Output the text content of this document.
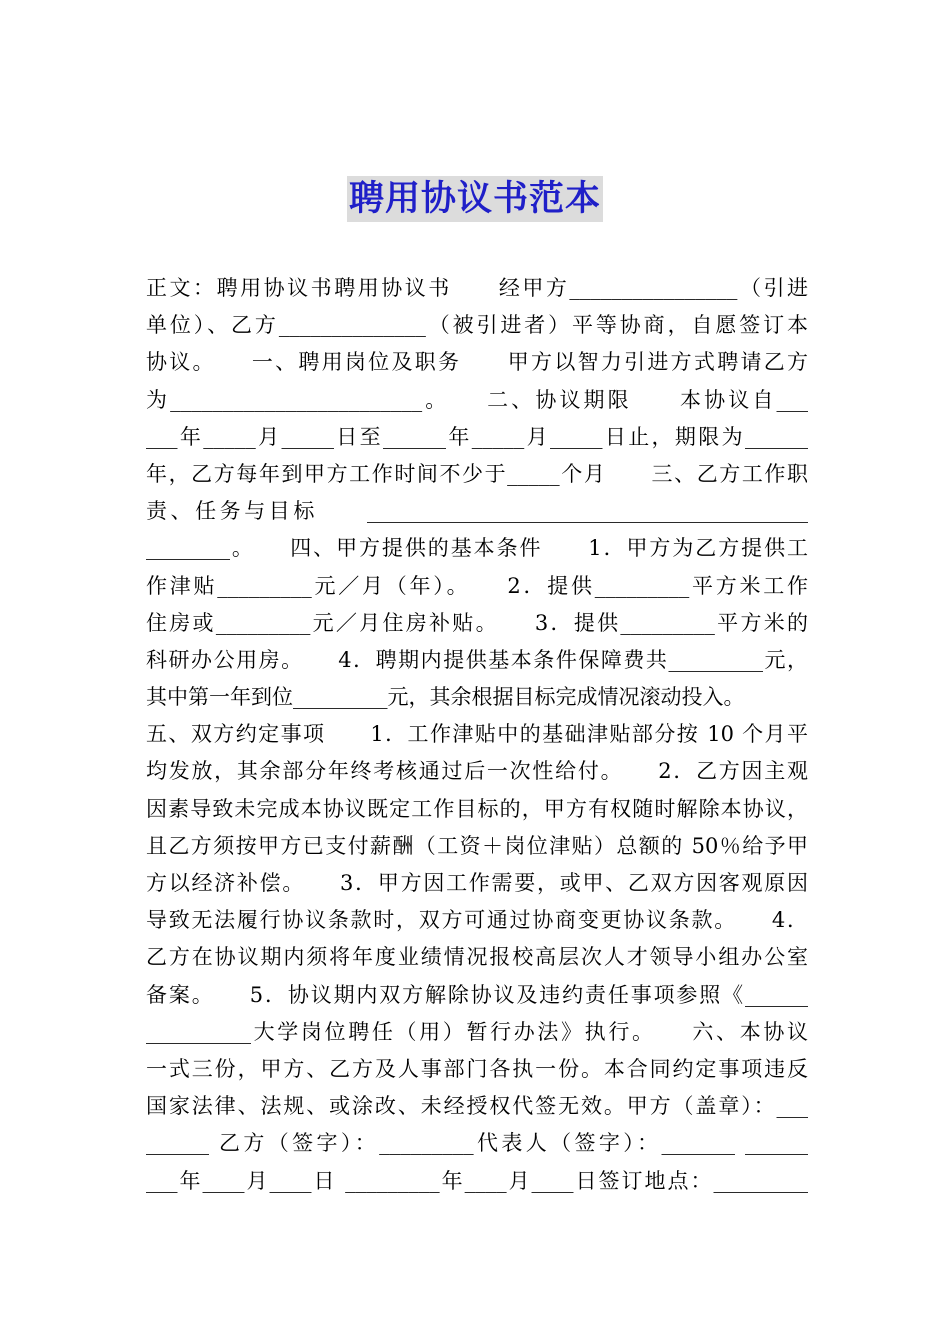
聘用协议书范本
正文：聘用协议书聘用协议书　　经甲方________________（引进
单位）、乙方______________（被引进者）平等协商，自愿签订本
协议。　　一、聘用岗位及职务　　甲方以智力引进方式聘请乙方
为________________________。　　二、协议期限　　本协议自___
___年_____月_____日至______年_____月_____日止，期限为______
年，乙方每年到甲方工作时间不少于_____个月　　三、乙方工作职
责、任务与目标　　__________________________________________
________。　　四、甲方提供的基本条件　　1．甲方为乙方提供工
作津贴_________元／月（年）。　　2．提供_________平方米工作
住房或_________元／月住房补贴。　　3．提供_________平方米的
科研办公用房。　　4．聘期内提供基本条件保障费共_________元，
其中第一年到位_________元，其余根据目标完成情况滚动投入。
五、双方约定事项　　1．工作津贴中的基础津贴部分按 10 个月平
均发放，其余部分年终考核通过后一次性给付。　　2．乙方因主观
因素导致未完成本协议既定工作目标的，甲方有权随时解除本协议，
且乙方须按甲方已支付薪酬（工资＋岗位津贴）总额的 50％给予甲
方以经济补偿。　　3．甲方因工作需要，或甲、乙双方因客观原因
导致无法履行协议条款时，双方可通过协商变更协议条款。　　4．
乙方在协议期内须将年度业绩情况报校高层次人才领导小组办公室
备案。　　5．协议期内双方解除协议及违约责任事项参照《______
__________大学岗位聘任（用）暂行办法》执行。　　六、本协议
一式三份，甲方、乙方及人事部门各执一份。本合同约定事项违反
国家法律、法规、或涂改、未经授权代签无效。甲方（盖章）：___
______ 乙方（签字）：_________代表人（签字）：_______ ______
___年____月____日 _________年____月____日签订地点：_________
